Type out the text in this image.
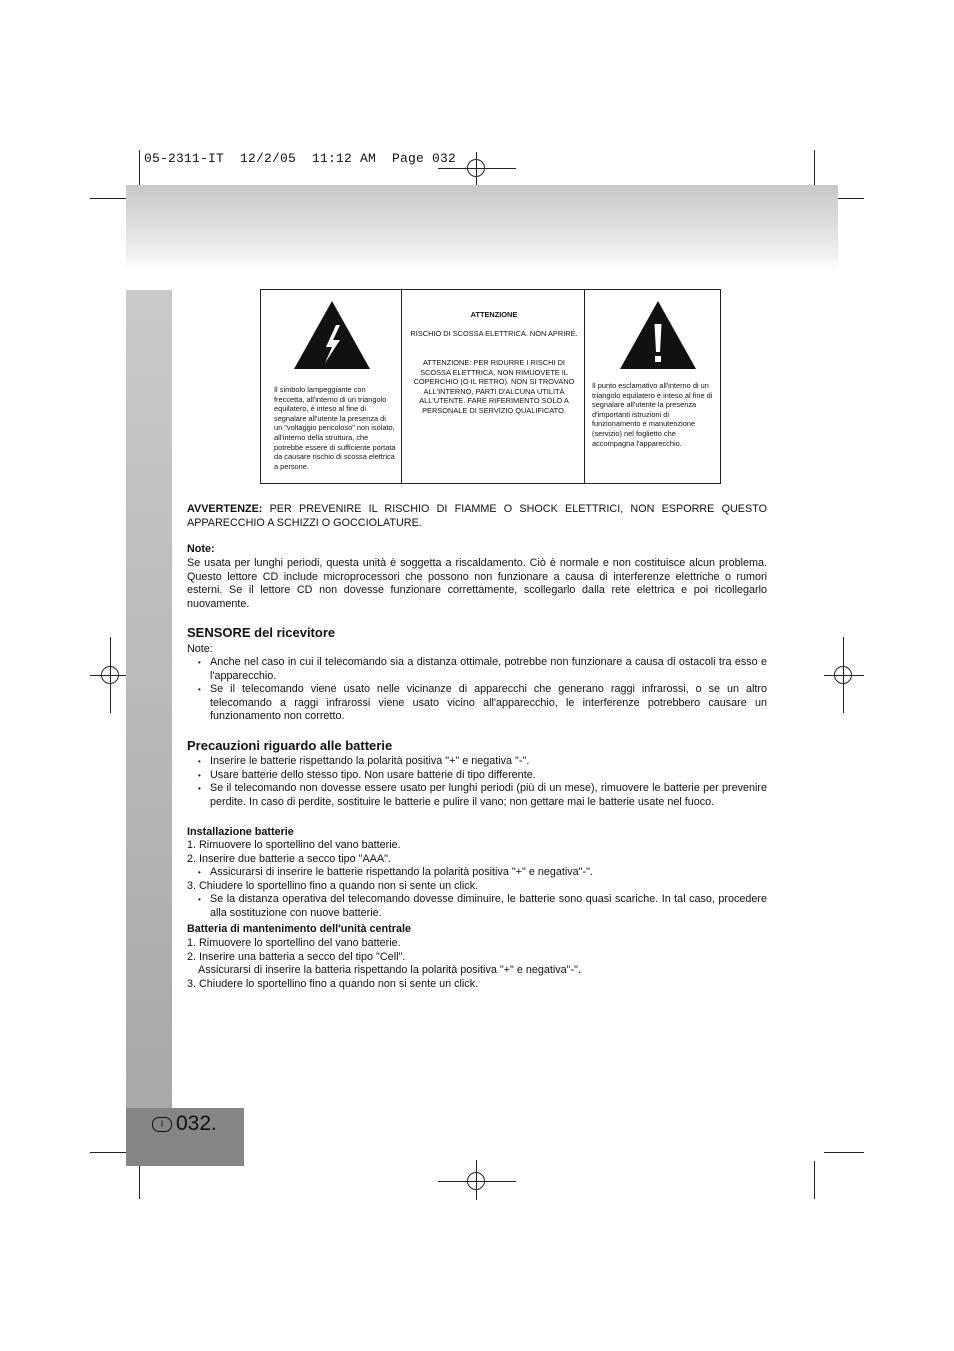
05-2311-IT  12/2/05  11:12 AM  Page 032
I 032.
Il simbolo lampeggiante con freccetta, all'interno di un triangolo equilatero, è inteso al fine di segnalare all'utente la presenza di un "voltaggio pericoloso" non isolato, all'interno della struttura, che potrebbe essere di sufficiente portata da causare rischio di scossa elettrica a persone.
ATTENZIONE
RISCHIO DI SCOSSA ELETTRICA. NON APRIRE.
ATTENZIONE: PER RIDURRE I RISCHI DI SCOSSA ELETTRICA, NON RIMUOVETE IL COPERCHIO (O IL RETRO). NON SI TROVANO ALL'INTERNO, PARTI D'ALCUNA UTILITÀ ALL'UTENTE. FARE RIFERIMENTO SOLO A PERSONALE DI SERVIZIO QUALIFICATO.
Il punto esclamativo all'interno di un triangolo equilatero è inteso al fine di segnalare all'utente la presenza d'importanti istruzioni di funzionamento e manutenzione (servizio) nel foglietto che accompagna l'apparecchio.
AVVERTENZE: PER PREVENIRE IL RISCHIO DI FIAMME O SHOCK ELETTRICI, NON ESPORRE QUESTO APPARECCHIO A SCHIZZI O GOCCIOLATURE.
Note:
Se usata per lunghi periodi, questa unità è soggetta a riscaldamento. Ciò è normale e non costituisce alcun problema. Questo lettore CD include microprocessori che possono non funzionare a causa di interferenze elettriche o rumori esterni. Se il lettore CD non dovesse funzionare correttamente, scollegarlo dalla rete elettrica e poi ricollegarlo nuovamente.
SENSORE del ricevitore
Note:
• Anche nel caso in cui il telecomando sia a distanza ottimale, potrebbe non funzionare a causa di ostacoli tra esso e l'apparecchio.
• Se il telecomando viene usato nelle vicinanze di apparecchi che generano raggi infrarossi, o se un altro telecomando a raggi infrarossi viene usato vicino all'apparecchio, le interferenze potrebbero causare un funzionamento non corretto.
Precauzioni riguardo alle batterie
• Inserire le batterie rispettando la polarità positiva "+" e negativa "-".
• Usare batterie dello stesso tipo. Non usare batterie di tipo differente.
• Se il telecomando non dovesse essere usato per lunghi periodi (più di un mese), rimuovere le batterie per prevenire perdite. In caso di perdite, sostituire le batterie e pulire il vano; non gettare mai le batterie usate nel fuoco.
Installazione batterie
1. Rimuovere lo sportellino del vano batterie.
2. Inserire due batterie a secco tipo "AAA".
• Assicurarsi di inserire le batterie rispettando la polarità positiva "+" e negativa"-".
3. Chiudere lo sportellino fino a quando non si sente un click.
• Se la distanza operativa del telecomando dovesse diminuire, le batterie sono quasi scariche. In tal caso, procedere alla sostituzione con nuove batterie.
Batteria di mantenimento dell'unità centrale
1. Rimuovere lo sportellino del vano batterie.
2. Inserire una batteria a secco del tipo "Cell".
Assicurarsi di inserire la batteria rispettando la polarità positiva "+" e negativa"-".
3. Chiudere lo sportellino fino a quando non si sente un click.
